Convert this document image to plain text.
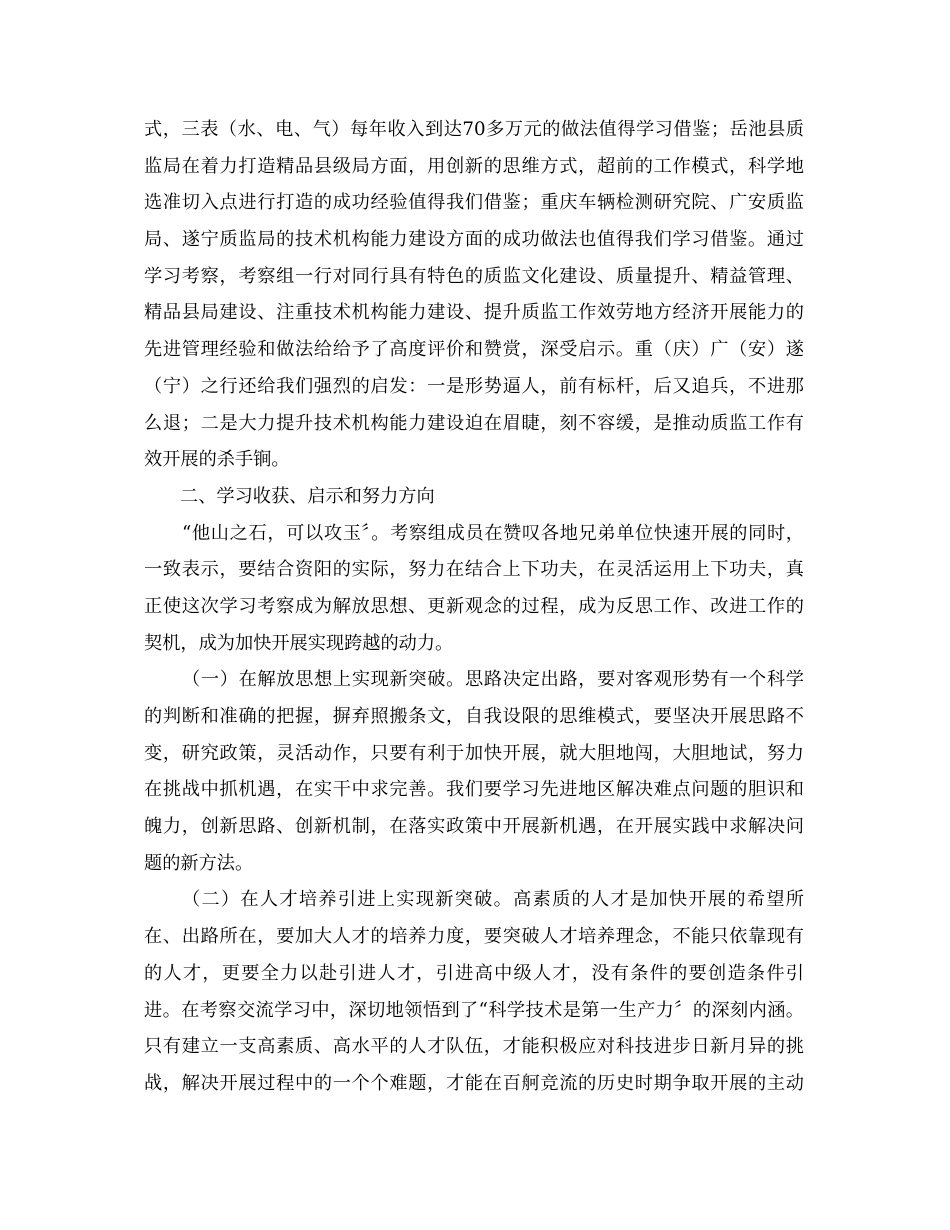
式，三表（水、电、气）每年收入到达70多万元的做法值得学习借鉴；岳池县质
监局在着力打造精品县级局方面，用创新的思维方式，超前的工作模式，科学地
选准切入点进行打造的成功经验值得我们借鉴；重庆车辆检测研究院、广安质监
局、遂宁质监局的技术机构能力建设方面的成功做法也值得我们学习借鉴。通过
学习考察，考察组一行对同行具有特色的质监文化建设、质量提升、精益管理、
精品县局建设、注重技术机构能力建设、提升质监工作效劳地方经济开展能力的
先进管理经验和做法给给予了高度评价和赞赏，深受启示。重（庆）广（安）遂
（宁）之行还给我们强烈的启发：一是形势逼人，前有标杆，后又追兵，不进那
么退；二是大力提升技术机构能力建设迫在眉睫，刻不容缓，是推动质监工作有
效开展的杀手锏。
二、学习收获、启示和努力方向
“他山之石，可以攻玉〞。考察组成员在赞叹各地兄弟单位快速开展的同时，
一致表示，要结合资阳的实际，努力在结合上下功夫，在灵活运用上下功夫，真
正使这次学习考察成为解放思想、更新观念的过程，成为反思工作、改进工作的
契机，成为加快开展实现跨越的动力。
（一）在解放思想上实现新突破。思路决定出路，要对客观形势有一个科学
的判断和准确的把握，摒弃照搬条文，自我设限的思维模式，要坚决开展思路不
变，研究政策，灵活动作，只要有利于加快开展，就大胆地闯，大胆地试，努力
在挑战中抓机遇，在实干中求完善。我们要学习先进地区解决难点问题的胆识和
魄力，创新思路、创新机制，在落实政策中开展新机遇，在开展实践中求解决问
题的新方法。
（二）在人才培养引进上实现新突破。高素质的人才是加快开展的希望所
在、出路所在，要加大人才的培养力度，要突破人才培养理念，不能只依靠现有
的人才，更要全力以赴引进人才，引进高中级人才，没有条件的要创造条件引
进。在考察交流学习中，深切地领悟到了“科学技术是第一生产力〞的深刻内涵。
只有建立一支高素质、高水平的人才队伍，才能积极应对科技进步日新月异的挑
战，解决开展过程中的一个个难题，才能在百舸竞流的历史时期争取开展的主动
